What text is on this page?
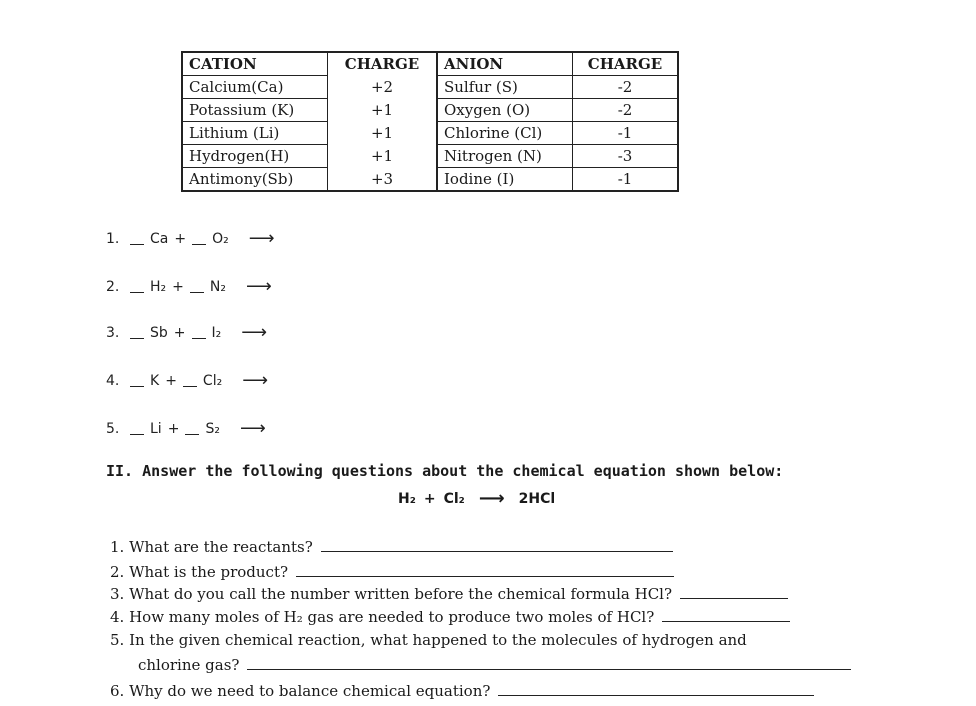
CATION	CHARGE	ANION	CHARGE
Calcium(Ca)	+2	Sulfur (S)	-2
Potassium (K)	+1	Oxygen (O)	-2
Lithium (Li)	+1	Chlorine (Cl)	-1
Hydrogen(H)	+1	Nitrogen (N)	-3
Antimony(Sb)	+3	Iodine (I)	-1
1.	Ca + O₂ ⟶
2.	H₂ + N₂ ⟶
3.	Sb + I₂ ⟶
4.	K + Cl₂ ⟶
5.	Li + S₂ ⟶
II. Answer the following questions about the chemical equation shown below:
H₂ + Cl₂ ⟶ 2HCl
1. What are the reactants?
2. What is the product?
3. What do you call the number written before the chemical formula HCl?
4. How many moles of H₂ gas are needed to produce two moles of HCl?
5. In the given chemical reaction, what happened to the molecules of hydrogen and
chlorine gas?
6. Why do we need to balance chemical equation?
